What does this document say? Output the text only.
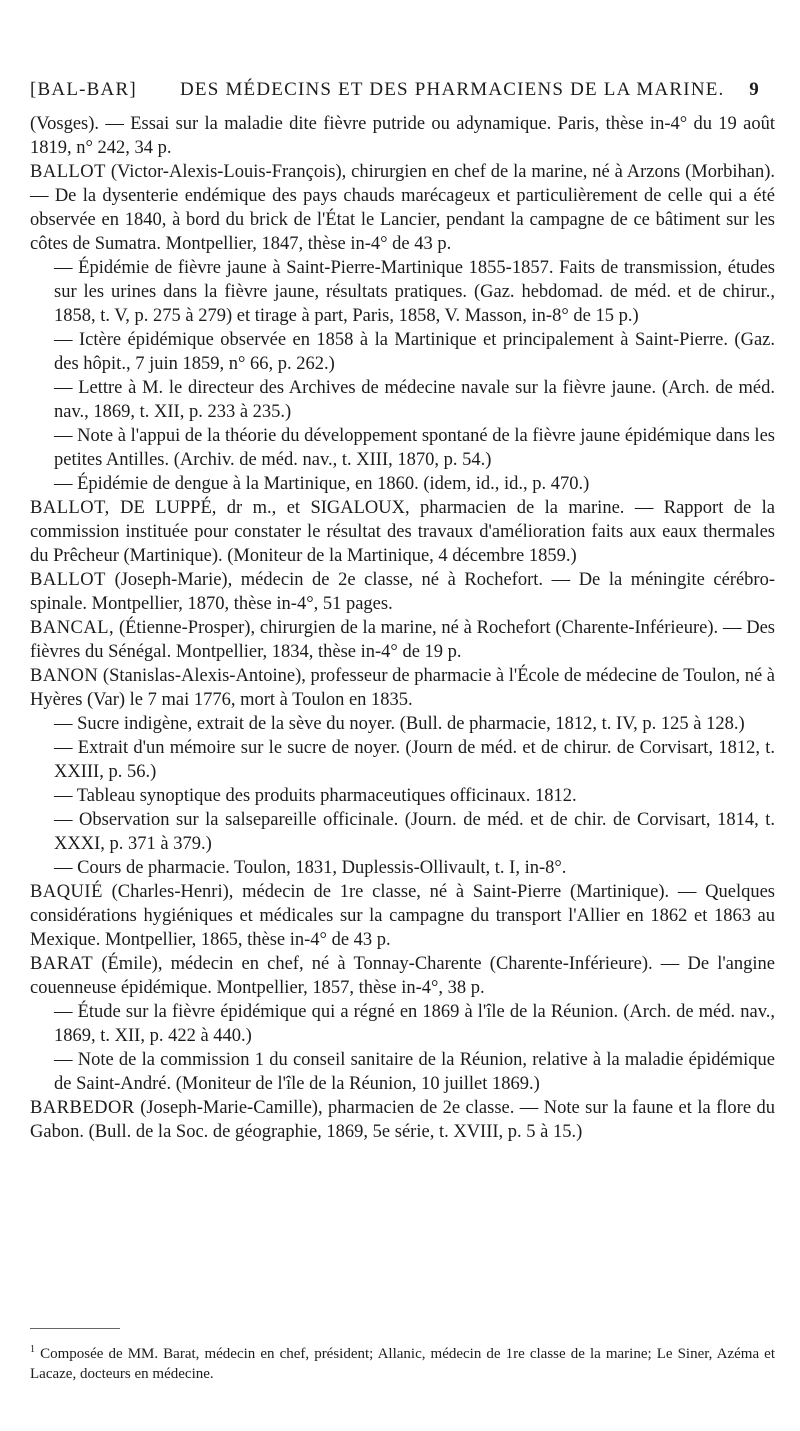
[BAL-BAR] DES MÉDECINS ET DES PHARMACIENS DE LA MARINE. 9

(Vosges). — Essai sur la maladie dite fièvre putride ou adynamique. Paris, thèse in-4° du 19 août 1819, n° 242, 34 p.

BALLOT (Victor-Alexis-Louis-François), chirurgien en chef de la marine, né à Arzons (Morbihan). — De la dysenterie endémique des pays chauds marécageux et particulièrement de celle qui a été observée en 1840, à bord du brick de l'État le Lancier, pendant la campagne de ce bâtiment sur les côtes de Sumatra. Montpellier, 1847, thèse in-4° de 43 p.

— Épidémie de fièvre jaune à Saint-Pierre-Martinique 1855-1857. Faits de transmission, études sur les urines dans la fièvre jaune, résultats pratiques. (Gaz. hebdomad. de méd. et de chirur., 1858, t. V, p. 275 à 279) et tirage à part, Paris, 1858, V. Masson, in-8° de 15 p.)

— Ictère épidémique observée en 1858 à la Martinique et principalement à Saint-Pierre. (Gaz. des hôpit., 7 juin 1859, n° 66, p. 262.)

— Lettre à M. le directeur des Archives de médecine navale sur la fièvre jaune. (Arch. de méd. nav., 1869, t. XII, p. 233 à 235.)

— Note à l'appui de la théorie du développement spontané de la fièvre jaune épidémique dans les petites Antilles. (Archiv. de méd. nav., t. XIII, 1870, p. 54.)

— Épidémie de dengue à la Martinique, en 1860. (idem, id., id., p. 470.)

BALLOT, DE LUPPÉ, dr m., et SIGALOUX, pharmacien de la marine. — Rapport de la commission instituée pour constater le résultat des travaux d'amélioration faits aux eaux thermales du Prêcheur (Martinique). (Moniteur de la Martinique, 4 décembre 1859.)

BALLOT (Joseph-Marie), médecin de 2e classe, né à Rochefort. — De la méningite cérébro-spinale. Montpellier, 1870, thèse in-4°, 51 pages.

BANCAL, (Étienne-Prosper), chirurgien de la marine, né à Rochefort (Charente-Inférieure). — Des fièvres du Sénégal. Montpellier, 1834, thèse in-4° de 19 p.

BANON (Stanislas-Alexis-Antoine), professeur de pharmacie à l'École de médecine de Toulon, né à Hyères (Var) le 7 mai 1776, mort à Toulon en 1835.

— Sucre indigène, extrait de la sève du noyer. (Bull. de pharmacie, 1812, t. IV, p. 125 à 128.)

— Extrait d'un mémoire sur le sucre de noyer. (Journ de méd. et de chirur. de Corvisart, 1812, t. XXIII, p. 56.)

— Tableau synoptique des produits pharmaceutiques officinaux. 1812.

— Observation sur la salsepareille officinale. (Journ. de méd. et de chir. de Corvisart, 1814, t. XXXI, p. 371 à 379.)

— Cours de pharmacie. Toulon, 1831, Duplessis-Ollivault, t. I, in-8°.

BAQUIÉ (Charles-Henri), médecin de 1re classe, né à Saint-Pierre (Martinique). — Quelques considérations hygiéniques et médicales sur la campagne du transport l'Allier en 1862 et 1863 au Mexique. Montpellier, 1865, thèse in-4° de 43 p.

BARAT (Émile), médecin en chef, né à Tonnay-Charente (Charente-Inférieure). — De l'angine couenneuse épidémique. Montpellier, 1857, thèse in-4°, 38 p.

— Étude sur la fièvre épidémique qui a régné en 1869 à l'île de la Réunion. (Arch. de méd. nav., 1869, t. XII, p. 422 à 440.)

— Note de la commission 1 du conseil sanitaire de la Réunion, relative à la maladie épidémique de Saint-André. (Moniteur de l'île de la Réunion, 10 juillet 1869.)

BARBEDOR (Joseph-Marie-Camille), pharmacien de 2e classe. — Note sur la faune et la flore du Gabon. (Bull. de la Soc. de géographie, 1869, 5e série, t. XVIII, p. 5 à 15.)

$^1$ Composée de MM. Barat, médecin en chef, président; Allanic, médecin de 1re classe de la marine; Le Siner, Azéma et Lacaze, docteurs en médecine.
